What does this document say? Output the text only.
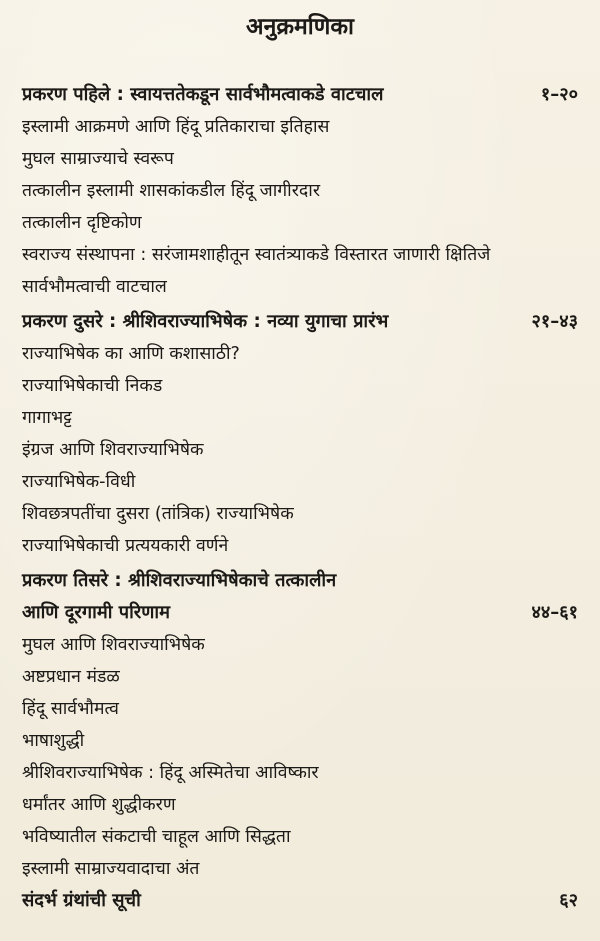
अनुक्रमणिका
प्रकरण पहिले : स्वायत्ततेकडून सार्वभौमत्वाकडे वाटचाल	१–२०
इस्लामी आक्रमणे आणि हिंदू प्रतिकाराचा इतिहास
मुघल साम्राज्याचे स्वरूप
तत्कालीन इस्लामी शासकांकडील हिंदू जागीरदार
तत्कालीन दृष्टिकोण
स्वराज्य संस्थापना : सरंजामशाहीतून स्वातंत्र्याकडे विस्तारत जाणारी क्षितिजे
सार्वभौमत्वाची वाटचाल
प्रकरण दुसरे : श्रीशिवराज्याभिषेक : नव्या युगाचा प्रारंभ	२१–४३
राज्याभिषेक का आणि कशासाठी?
राज्याभिषेकाची निकड
गागाभट्ट
इंग्रज आणि शिवराज्याभिषेक
राज्याभिषेक-विधी
शिवछत्रपतींचा दुसरा (तांत्रिक) राज्याभिषेक
राज्याभिषेकाची प्रत्ययकारी वर्णने
प्रकरण तिसरे : श्रीशिवराज्याभिषेकाचे तत्कालीन
आणि दूरगामी परिणाम	४४–६१
मुघल आणि शिवराज्याभिषेक
अष्टप्रधान मंडळ
हिंदू सार्वभौमत्व
भाषाशुद्धी
श्रीशिवराज्याभिषेक : हिंदू अस्मितेचा आविष्कार
धर्मांतर आणि शुद्धीकरण
भविष्यातील संकटाची चाहूल आणि सिद्धता
इस्लामी साम्राज्यवादाचा अंत
संदर्भ ग्रंथांची सूची	६२
